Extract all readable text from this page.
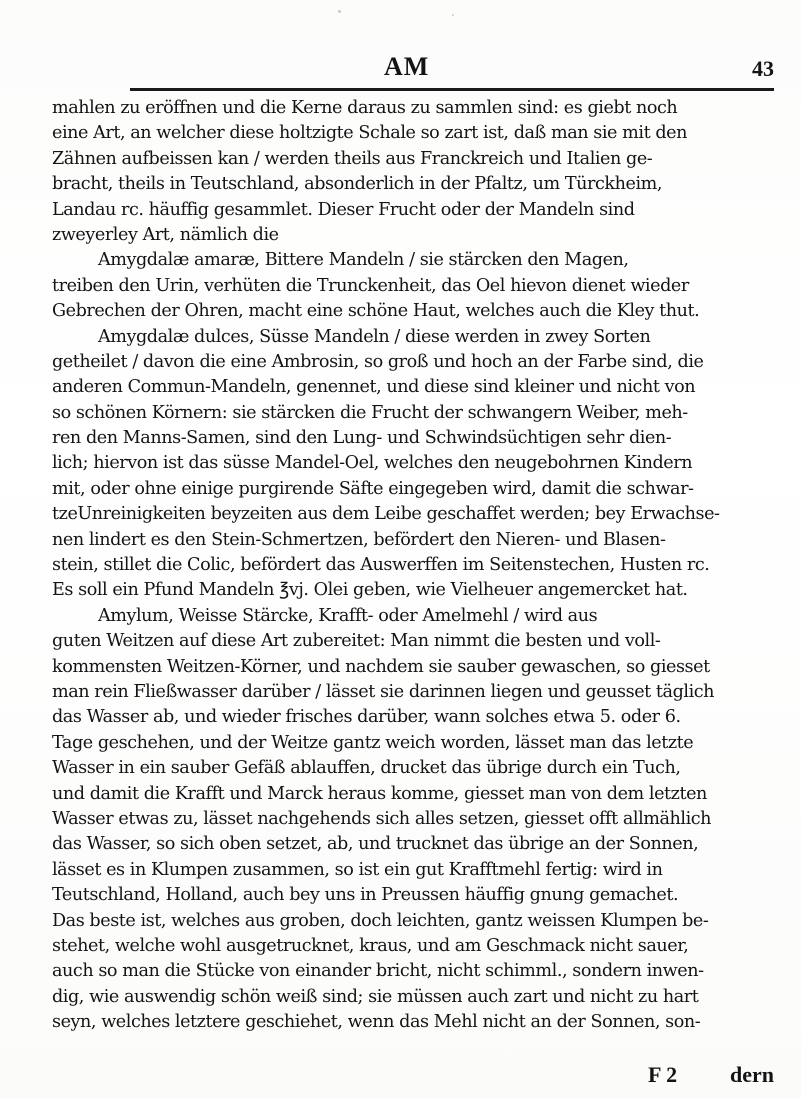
AM	43
mahlen zu eröffnen und die Kerne daraus zu sammlen sind: es giebt noch
eine Art, an welcher diese holtzigte Schale so zart ist, daß man sie mit den
Zähnen aufbeissen kan / werden theils aus Franckreich und Italien ge-
bracht, theils in Teutschland, absonderlich in der Pfaltz, um Türckheim,
Landau rc. häuffig gesammlet. Dieser Frucht oder der Mandeln sind
zweyerley Art, nämlich die
Amygdalæ amaræ, Bittere Mandeln / sie stärcken den Magen,
treiben den Urin, verhüten die Trunckenheit, das Oel hievon dienet wieder
Gebrechen der Ohren, macht eine schöne Haut, welches auch die Kley thut.
Amygdalæ dulces, Süsse Mandeln / diese werden in zwey Sorten
getheilet / davon die eine Ambrosin, so groß und hoch an der Farbe sind, die
anderen Commun-Mandeln, genennet, und diese sind kleiner und nicht von
so schönen Körnern: sie stärcken die Frucht der schwangern Weiber, meh-
ren den Manns-Samen, sind den Lung- und Schwindsüchtigen sehr dien-
lich; hiervon ist das süsse Mandel-Oel, welches den neugebohrnen Kindern
mit, oder ohne einige purgirende Säfte eingegeben wird, damit die schwar-
tzeUnreinigkeiten beyzeiten aus dem Leibe geschaffet werden; bey Erwachse-
nen lindert es den Stein-Schmertzen, befördert den Nieren- und Blasen-
stein, stillet die Colic, befördert das Auswerffen im Seitenstechen, Husten rc.
Es soll ein Pfund Mandeln ℥vj. Olei geben, wie Vielheuer angemercket hat.
Amylum, Weisse Stärcke, Krafft- oder Amelmehl / wird aus
guten Weitzen auf diese Art zubereitet: Man nimmt die besten und voll-
kommensten Weitzen-Körner, und nachdem sie sauber gewaschen, so giesset
man rein Fließwasser darüber / lässet sie darinnen liegen und geusset täglich
das Wasser ab, und wieder frisches darüber, wann solches etwa 5. oder 6.
Tage geschehen, und der Weitze gantz weich worden, lässet man das letzte
Wasser in ein sauber Gefäß ablauffen, drucket das übrige durch ein Tuch,
und damit die Krafft und Marck heraus komme, giesset man von dem letzten
Wasser etwas zu, lässet nachgehends sich alles setzen, giesset offt allmählich
das Wasser, so sich oben setzet, ab, und trucknet das übrige an der Sonnen,
lässet es in Klumpen zusammen, so ist ein gut Krafftmehl fertig: wird in
Teutschland, Holland, auch bey uns in Preussen häuffig gnung gemachet.
Das beste ist, welches aus groben, doch leichten, gantz weissen Klumpen be-
stehet, welche wohl ausgetrucknet, kraus, und am Geschmack nicht sauer,
auch so man die Stücke von einander bricht, nicht schimml., sondern inwen-
dig, wie auswendig schön weiß sind; sie müssen auch zart und nicht zu hart
seyn, welches letztere geschiehet, wenn das Mehl nicht an der Sonnen, son-
F 2 dern
